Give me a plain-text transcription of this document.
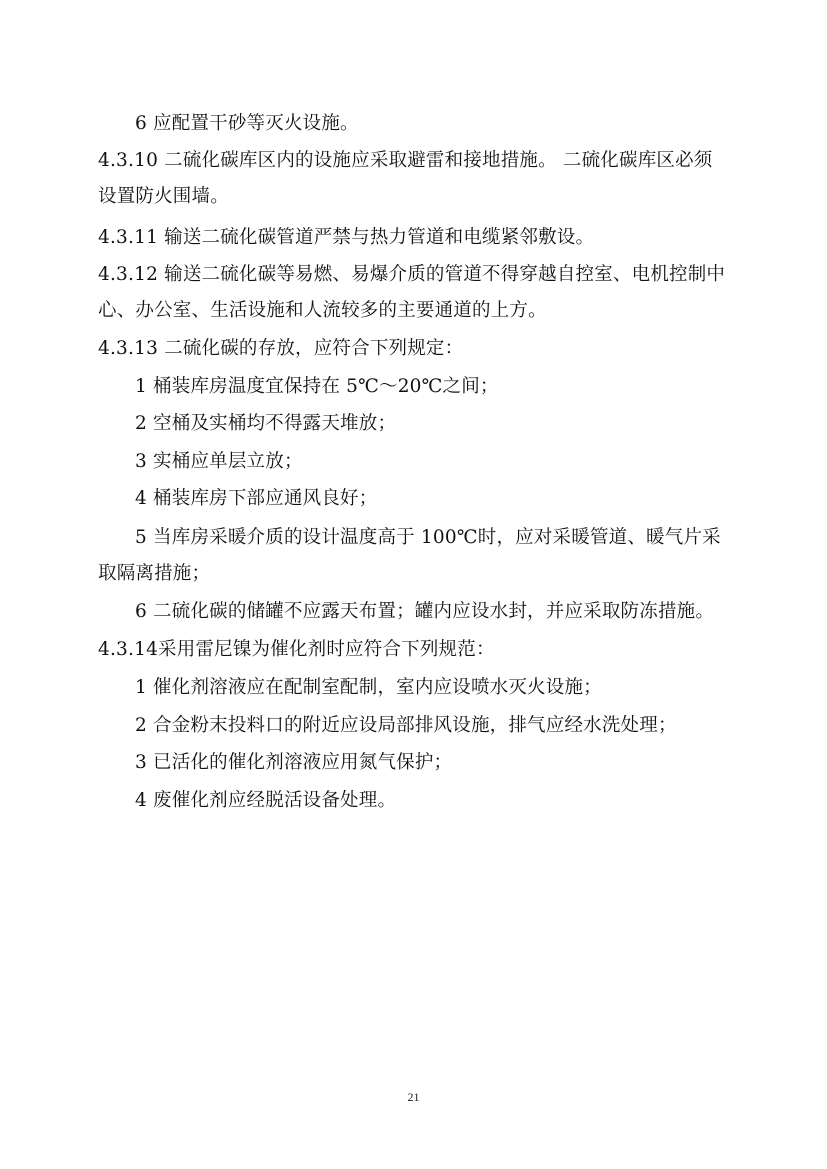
6 应配置干砂等灭火设施。
4.3.10 二硫化碳库区内的设施应采取避雷和接地措施。 二硫化碳库区必须
设置防火围墙。
4.3.11 输送二硫化碳管道严禁与热力管道和电缆紧邻敷设。
4.3.12 输送二硫化碳等易燃、易爆介质的管道不得穿越自控室、电机控制中
心、办公室、生活设施和人流较多的主要通道的上方。
4.3.13 二硫化碳的存放，应符合下列规定：
1 桶装库房温度宜保持在 5℃～20℃之间；
2 空桶及实桶均不得露天堆放；
3 实桶应单层立放；
4 桶装库房下部应通风良好；
5 当库房采暖介质的设计温度高于 100℃时，应对采暖管道、暖气片采
取隔离措施；
6 二硫化碳的储罐不应露天布置；罐内应设水封，并应采取防冻措施。
4.3.14采用雷尼镍为催化剂时应符合下列规范：
1 催化剂溶液应在配制室配制，室内应设喷水灭火设施；
2 合金粉末投料口的附近应设局部排风设施，排气应经水洗处理；
3 已活化的催化剂溶液应用氮气保护；
4 废催化剂应经脱活设备处理。
21
